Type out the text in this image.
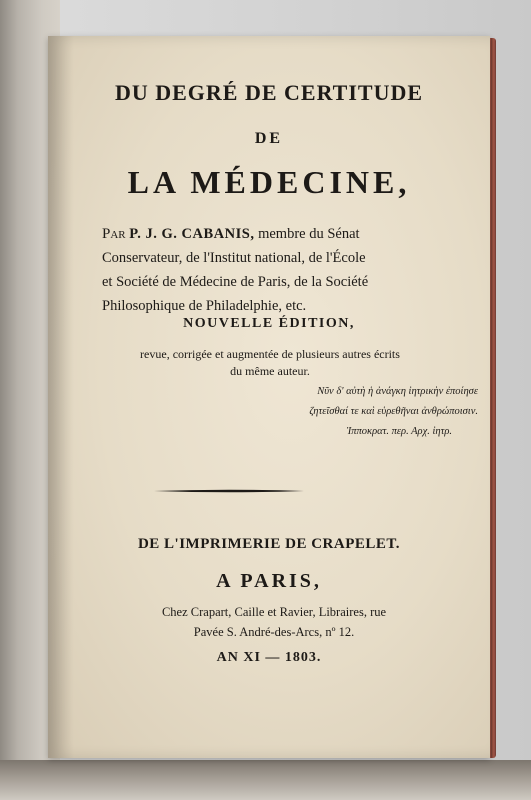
DU DEGRÉ DE CERTITUDE
DE
LA MÉDECINE,
Par P. J. G. CABANIS, membre du Sénat
Conservateur, de l'Institut national, de l'École
et Société de Médecine de Paris, de la Société
Philosophique de Philadelphie, etc.
NOUVELLE ÉDITION,
revue, corrigée et augmentée de plusieurs autres écrits
du même auteur.
Νῦν δ' αὐτὴ ἡ ἀνάγκη ἰητρικὴν ἐποίησε
ζητεῖσθαί τε καὶ εὑρεθῆναι ἀνθρώποισιν.
Ἱπποκρατ. περ. Αρχ. ἰητρ.
DE L'IMPRIMERIE DE CRAPELET.
A PARIS,
Chez Crapart, Caille et Ravier, Libraires, rue
Pavée S. André-des-Arcs, nº 12.
AN XI — 1803.
